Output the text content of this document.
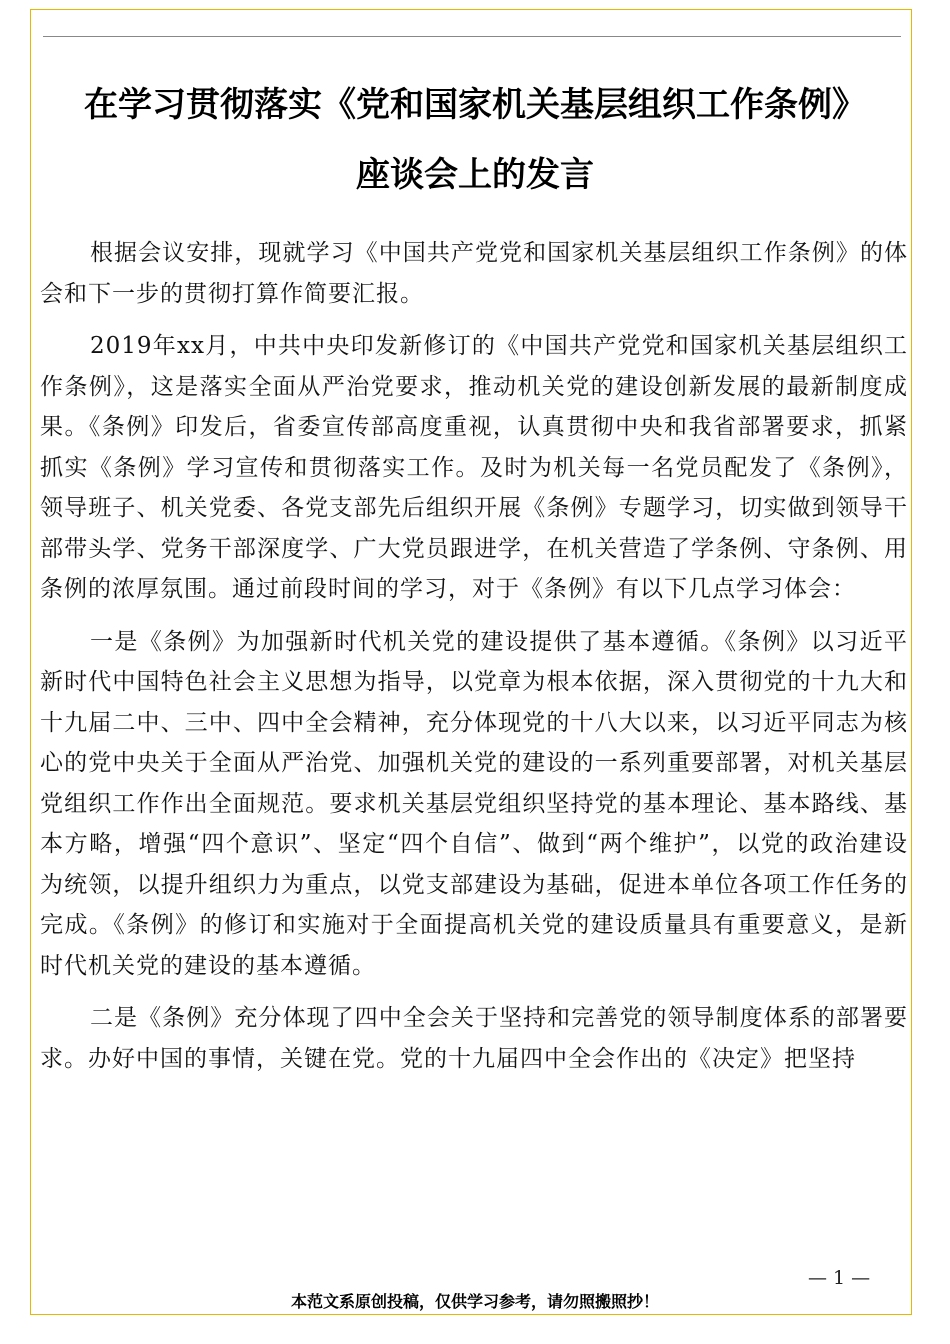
在学习贯彻落实《党和国家机关基层组织工作条例》
座谈会上的发言

根据会议安排，现就学习《中国共产党党和国家机关基层组织工作条例》的体会和下一步的贯彻打算作简要汇报。

2019年xx月，中共中央印发新修订的《中国共产党党和国家机关基层组织工作条例》，这是落实全面从严治党要求，推动机关党的建设创新发展的最新制度成果。《条例》印发后，省委宣传部高度重视，认真贯彻中央和我省部署要求，抓紧抓实《条例》学习宣传和贯彻落实工作。及时为机关每一名党员配发了《条例》，领导班子、机关党委、各党支部先后组织开展《条例》专题学习，切实做到领导干部带头学、党务干部深度学、广大党员跟进学，在机关营造了学条例、守条例、用条例的浓厚氛围。通过前段时间的学习，对于《条例》有以下几点学习体会：

一是《条例》为加强新时代机关党的建设提供了基本遵循。《条例》以习近平新时代中国特色社会主义思想为指导，以党章为根本依据，深入贯彻党的十九大和十九届二中、三中、四中全会精神，充分体现党的十八大以来，以习近平同志为核心的党中央关于全面从严治党、加强机关党的建设的一系列重要部署，对机关基层党组织工作作出全面规范。要求机关基层党组织坚持党的基本理论、基本路线、基本方略，增强“四个意识”、坚定“四个自信”、做到“两个维护”，以党的政治建设为统领，以提升组织力为重点，以党支部建设为基础，促进本单位各项工作任务的完成。《条例》的修订和实施对于全面提高机关党的建设质量具有重要意义，是新时代机关党的建设的基本遵循。

二是《条例》充分体现了四中全会关于坚持和完善党的领导制度体系的部署要求。办好中国的事情，关键在党。党的十九届四中全会作出的《决定》把坚持

— 1 —
本范文系原创投稿，仅供学习参考，请勿照搬照抄！
